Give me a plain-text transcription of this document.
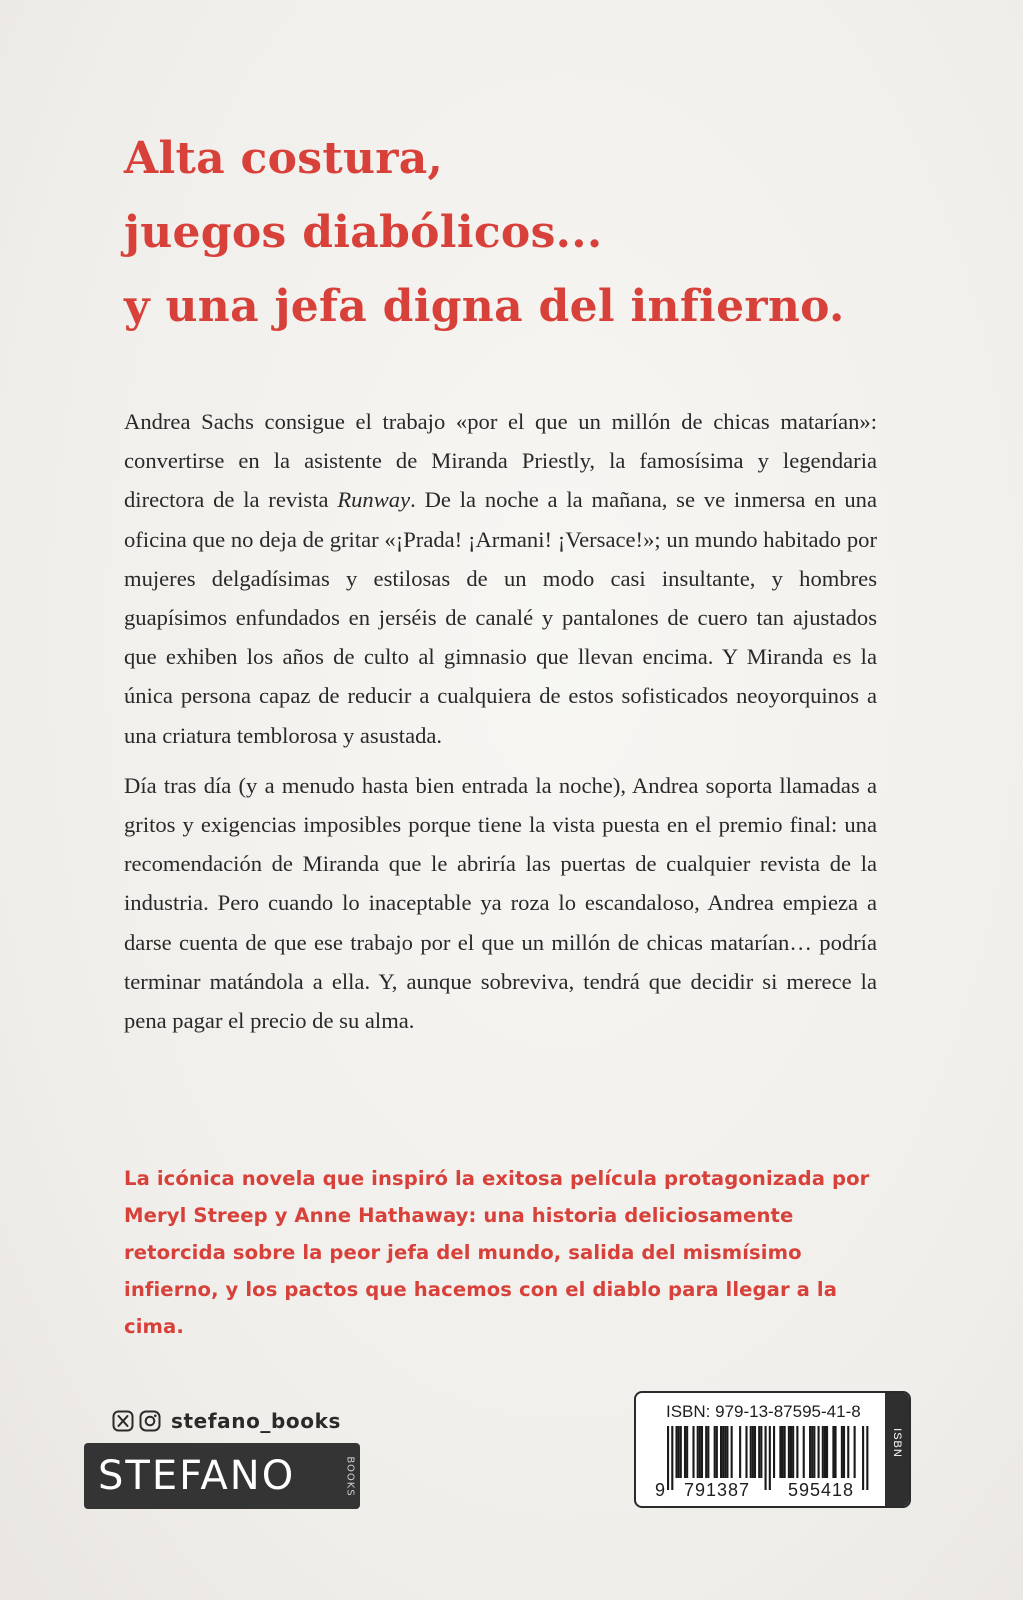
Alta costura,
juegos diabólicos...
y una jefa digna del infierno.

Andrea Sachs consigue el trabajo «por el que un millón de chicas matarían»: convertirse en la asistente de Miranda Priestly, la famosísima y legendaria directora de la revista Runway. De la noche a la mañana, se ve inmersa en una oficina que no deja de gritar «¡Prada! ¡Armani! ¡Versace!»; un mundo habitado por mujeres delgadísimas y estilosas de un modo casi insultante, y hombres guapísimos enfundados en jerséis de canalé y pantalones de cuero tan ajustados que exhiben los años de culto al gimnasio que llevan encima. Y Miranda es la única persona capaz de reducir a cualquiera de estos sofisticados neoyorquinos a una criatura temblorosa y asustada.

Día tras día (y a menudo hasta bien entrada la noche), Andrea soporta llamadas a gritos y exigencias imposibles porque tiene la vista puesta en el premio final: una recomendación de Miranda que le abriría las puertas de cualquier revista de la industria. Pero cuando lo inaceptable ya roza lo escandaloso, Andrea empieza a darse cuenta de que ese trabajo por el que un millón de chicas matarían… podría terminar matándola a ella. Y, aunque sobreviva, tendrá que decidir si merece la pena pagar el precio de su alma.

La icónica novela que inspiró la exitosa película protagonizada por Meryl Streep y Anne Hathaway: una historia deliciosamente retorcida sobre la peor jefa del mundo, salida del mismísimo infierno, y los pactos que hacemos con el diablo para llegar a la cima.
stefano_books
STEFANO	BOOKS
ISBN: 979-13-87595-41-8
9 791387 595418
ISBN
